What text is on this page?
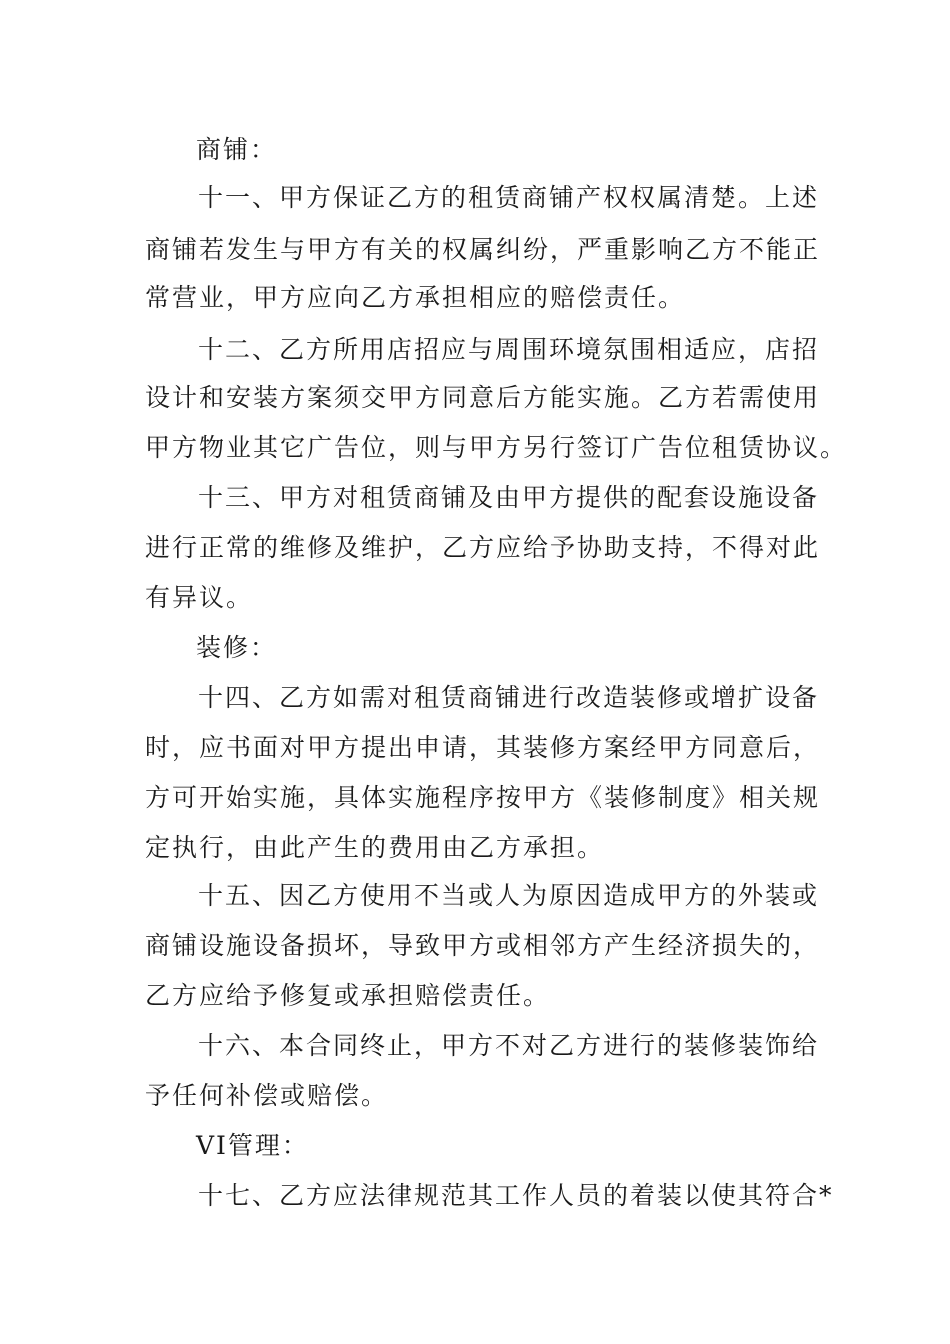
商铺：
十一、甲方保证乙方的租赁商铺产权权属清楚。上述
商铺若发生与甲方有关的权属纠纷，严重影响乙方不能正
常营业，甲方应向乙方承担相应的赔偿责任。
十二、乙方所用店招应与周围环境氛围相适应，店招
设计和安装方案须交甲方同意后方能实施。乙方若需使用
甲方物业其它广告位，则与甲方另行签订广告位租赁协议。
十三、甲方对租赁商铺及由甲方提供的配套设施设备
进行正常的维修及维护，乙方应给予协助支持，不得对此
有异议。
装修：
十四、乙方如需对租赁商铺进行改造装修或增扩设备
时，应书面对甲方提出申请，其装修方案经甲方同意后，
方可开始实施，具体实施程序按甲方《装修制度》相关规
定执行，由此产生的费用由乙方承担。
十五、因乙方使用不当或人为原因造成甲方的外装或
商铺设施设备损坏，导致甲方或相邻方产生经济损失的，
乙方应给予修复或承担赔偿责任。
十六、本合同终止，甲方不对乙方进行的装修装饰给
予任何补偿或赔偿。
VI管理：
十七、乙方应法律规范其工作人员的着装以使其符合*
